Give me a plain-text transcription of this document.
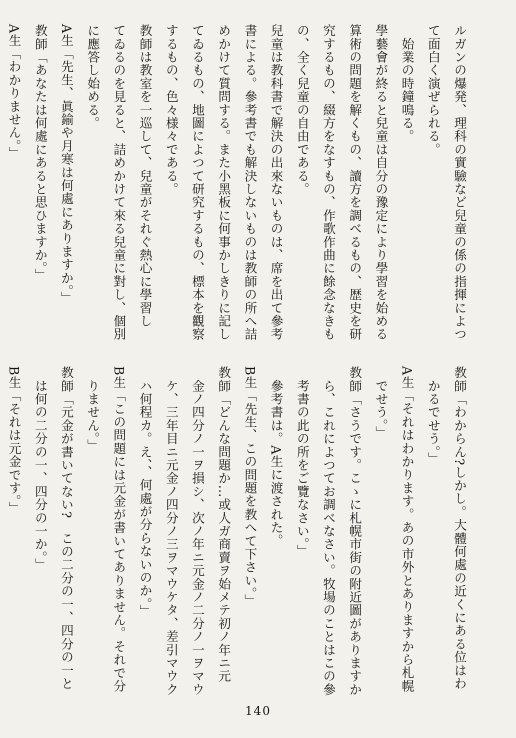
ルガンの爆発、理科の實驗など兒童の係の指揮によつ
て面白く演ぜられる。
　始業の時鐘鳴る。
學藝會が終ると兒童は自分の豫定により學習を始める
算術の問題を解くもの、讀方を調べるもの、歴史を研
究するもの、綴方をなすもの、作歌作曲に餘念なきも
の、全く兒童の自由である。
兒童は教科書で解決の出來ないものは、席を出て參考
書による。參考書でも解決しないものは教師の所へ詰
めかけて質問する。また小黑板に何事かしきりに記し
てゐるもの、地圖によつて研究するもの、標本を觀察
するもの、色々様々である。
教師は教室を一巡して、兒童がそれぐ熱心に學習し
てゐるのを見ると、詰めかけて來る兒童に對し、個別
に應答し始める。
A生「先生、眞鍮や月寒は何處にありますか。」
教師「あなたは何處にあると思ひますか。」
A生「わかりません。」
教師「わからん?しかし。大體何處の近くにある位はわ
　かるでせう。」
A生「それはわかります。あの市外とありますから札幌
　でせう。」
教師「さうです。こゝに札幌市街の附近圖がありますか
　ら、これによつてお調べなさい。牧場のことはこの參
　考書の此の所をご覽なさい。」
　參考書は。A生に渡された。
B生「先生、この問題を教へて下さい。」
教師「どんな問題か…或人ガ商賣ヲ始メテ初ノ年ニ元
　金ノ四分ノ一ヲ損シ、次ノ年ニ元金ノ二分ノ一ヲマウ
　ケ、三年目ニ元金ノ四分ノ三ヲマウケタ、差引マウク
　ハ何程カ。え、、何處が分らないのか。」
B生「この問題には元金が書いてありません。それで分
　りません。」
教師「元金が書いてない?　この二分の一、四分の一と
　は何の二分の一、四分の一か。」
B生「それは元金です。」
140
